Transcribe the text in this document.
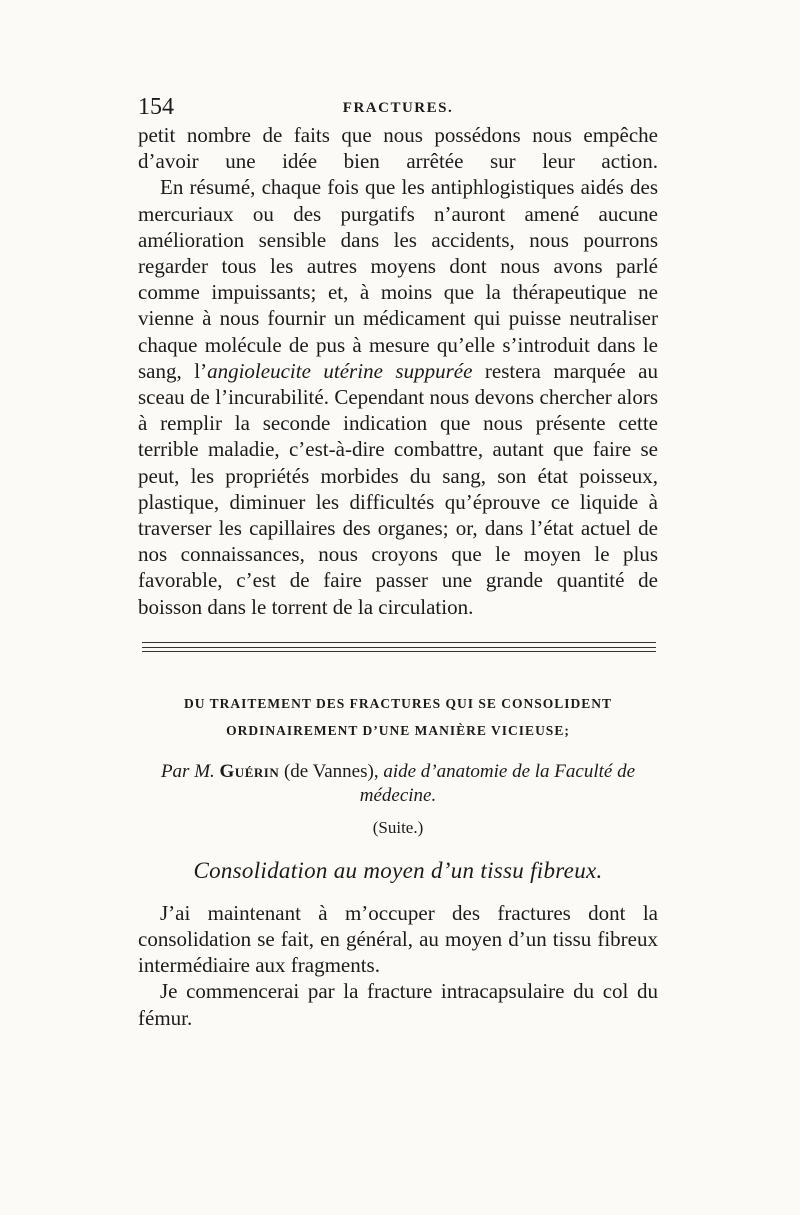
154	FRACTURES.

petit nombre de faits que nous possédons nous empêche d’avoir une idée bien arrêtée sur leur action.

En résumé, chaque fois que les antiphlogistiques aidés des mercuriaux ou des purgatifs n’auront amené aucune amélioration sensible dans les accidents, nous pourrons regarder tous les autres moyens dont nous avons parlé comme impuissants; et, à moins que la thérapeutique ne vienne à nous fournir un médicament qui puisse neutraliser chaque molécule de pus à mesure qu’elle s’introduit dans le sang, l’angioleucite utérine suppurée restera marquée au sceau de l’incurabilité. Cependant nous devons chercher alors à remplir la seconde indication que nous présente cette terrible maladie, c’est-à-dire combattre, autant que faire se peut, les propriétés morbides du sang, son état poisseux, plastique, diminuer les difficultés qu’éprouve ce liquide à traverser les capillaires des organes; or, dans l’état actuel de nos connaissances, nous croyons que le moyen le plus favorable, c’est de faire passer une grande quantité de boisson dans le torrent de la circulation.

DU TRAITEMENT DES FRACTURES QUI SE CONSOLIDENT
ORDINAIREMENT D’UNE MANIÈRE VICIEUSE;
Par M. Guérin (de Vannes), aide d’anatomie de la Faculté de médecine.
(Suite.)
Consolidation au moyen d’un tissu fibreux.

J’ai maintenant à m’occuper des fractures dont la consolidation se fait, en général, au moyen d’un tissu fibreux intermédiaire aux fragments.

Je commencerai par la fracture intracapsulaire du col du fémur.
